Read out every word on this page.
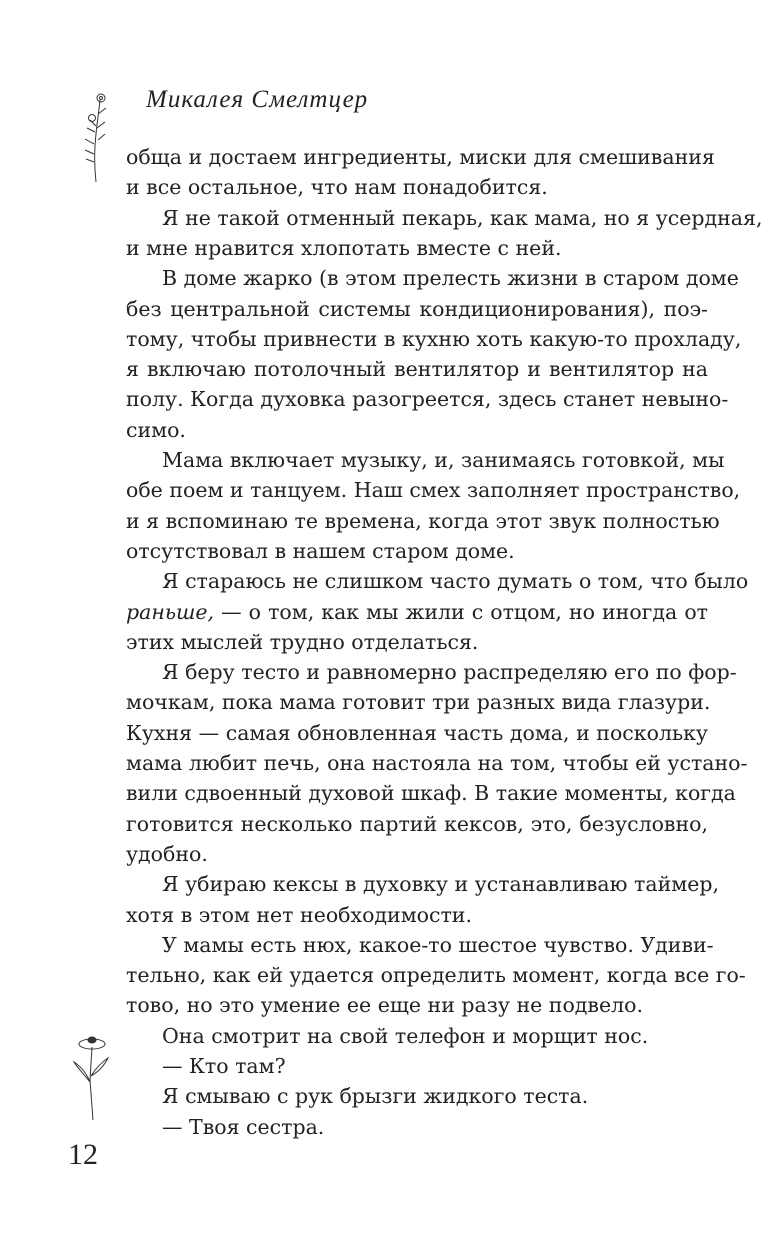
Микалея Смелтцер
обща и достаем ингредиенты, миски для смешивания
и все остальное, что нам понадобится.
Я не такой отменный пекарь, как мама, но я усердная,
и мне нравится хлопотать вместе с ней.
В доме жарко (в этом прелесть жизни в старом доме
без центральной системы кондиционирования), поэ-
тому, чтобы привнести в кухню хоть какую-то прохладу,
я включаю потолочный вентилятор и вентилятор на
полу. Когда духовка разогреется, здесь станет невыно-
симо.
Мама включает музыку, и, занимаясь готовкой, мы
обе поем и танцуем. Наш смех заполняет пространство,
и я вспоминаю те времена, когда этот звук полностью
отсутствовал в нашем старом доме.
Я стараюсь не слишком часто думать о том, что было
раньше, — о том, как мы жили с отцом, но иногда от
этих мыслей трудно отделаться.
Я беру тесто и равномерно распределяю его по фор-
мочкам, пока мама готовит три разных вида глазури.
Кухня — самая обновленная часть дома, и поскольку
мама любит печь, она настояла на том, чтобы ей устано-
вили сдвоенный духовой шкаф. В такие моменты, когда
готовится несколько партий кексов, это, безусловно,
удобно.
Я убираю кексы в духовку и устанавливаю таймер,
хотя в этом нет необходимости.
У мамы есть нюх, какое-то шестое чувство. Удиви-
тельно, как ей удается определить момент, когда все го-
тово, но это умение ее еще ни разу не подвело.
Она смотрит на свой телефон и морщит нос.
— Кто там?
Я смываю с рук брызги жидкого теста.
— Твоя сестра.
12
